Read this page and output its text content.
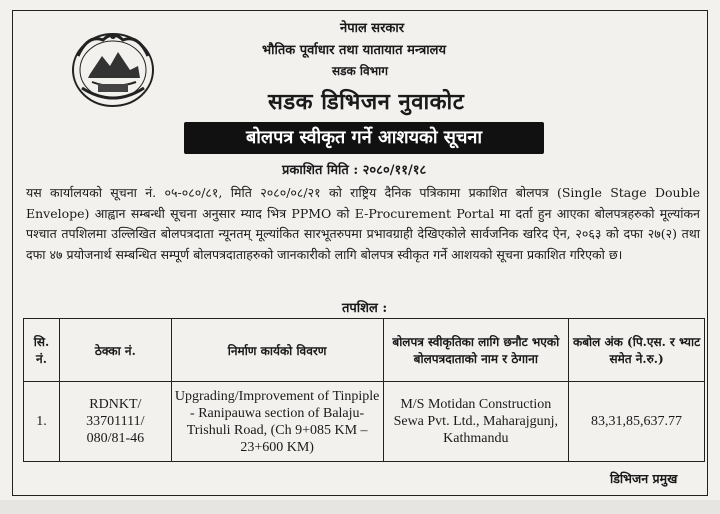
नेपाल सरकार
भौतिक पूर्वाधार तथा यातायात मन्त्रालय
सडक विभाग
सडक डिभिजन नुवाकोट
बोलपत्र स्वीकृत गर्ने आशयको सूचना
प्रकाशित मिति : २०८०/११/१८
यस कार्यालयको सूचना नं. ०५-०८०/८१, मिति २०८०/०८/२१ को राष्ट्रिय दैनिक पत्रिकामा प्रकाशित बोलपत्र (Single Stage Double Envelope) आह्वान सम्बन्धी सूचना अनुसार म्याद भित्र PPMO को E-Procurement Portal मा दर्ता हुन आएका बोलपत्रहरुको मूल्यांकन पश्चात तपशिलमा उल्लिखित बोलपत्रदाता न्यूनतम् मूल्यांकित सारभूतरुपमा प्रभावग्राही देखिएकोले सार्वजनिक खरिद ऐन, २०६३ को दफा २७(२) तथा दफा ४७ प्रयोजनार्थ सम्बन्धित सम्पूर्ण बोलपत्रदाताहरुको जानकारीको लागि बोलपत्र स्वीकृत गर्ने आशयको सूचना प्रकाशित गरिएको छ।
तपशिल :
सि. नं.	ठेक्का नं.	निर्माण कार्यको विवरण	बोलपत्र स्वीकृतिका लागि छनौट भएको बोलपत्रदाताको नाम र ठेगाना	कबोल अंक (पि.एस. र भ्याट समेत ने.रु.)
1.	RDNKT/ 33701111/ 080/81-46	Upgrading/Improvement of Tinpiple - Ranipauwa section of Balaju-Trishuli Road, (Ch 9+085 KM – 23+600 KM)	M/S Motidan Construction Sewa Pvt. Ltd., Maharajgunj, Kathmandu	83,31,85,637.77
डिभिजन प्रमुख
